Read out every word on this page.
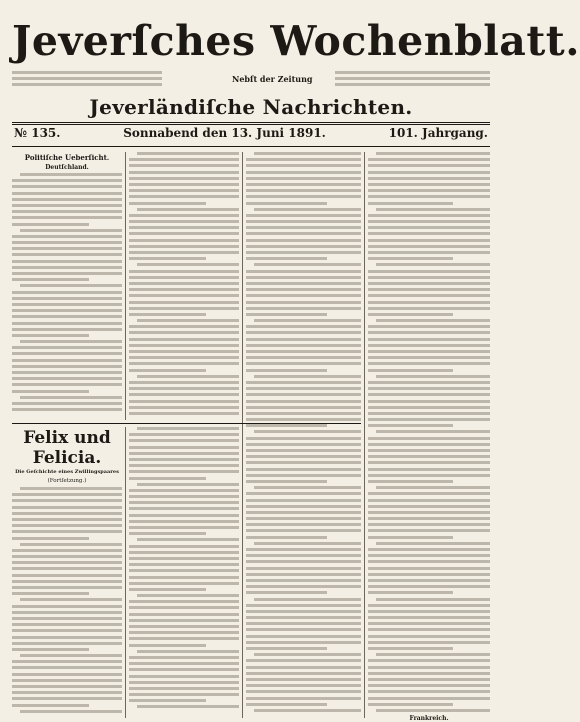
Jeverſches Wochenblatt.
Nebſt der Zeitung
Jeverländiſche Nachrichten.
№ 135.	Sonnabend den 13. Juni 1891.	101. Jahrgang.
Politiſche Ueberſicht.
Deutſchland.
Felix und Felicia.
Die Geſchichte eines Zwillingspaares
(Fortſetzung.)
Frankreich.
